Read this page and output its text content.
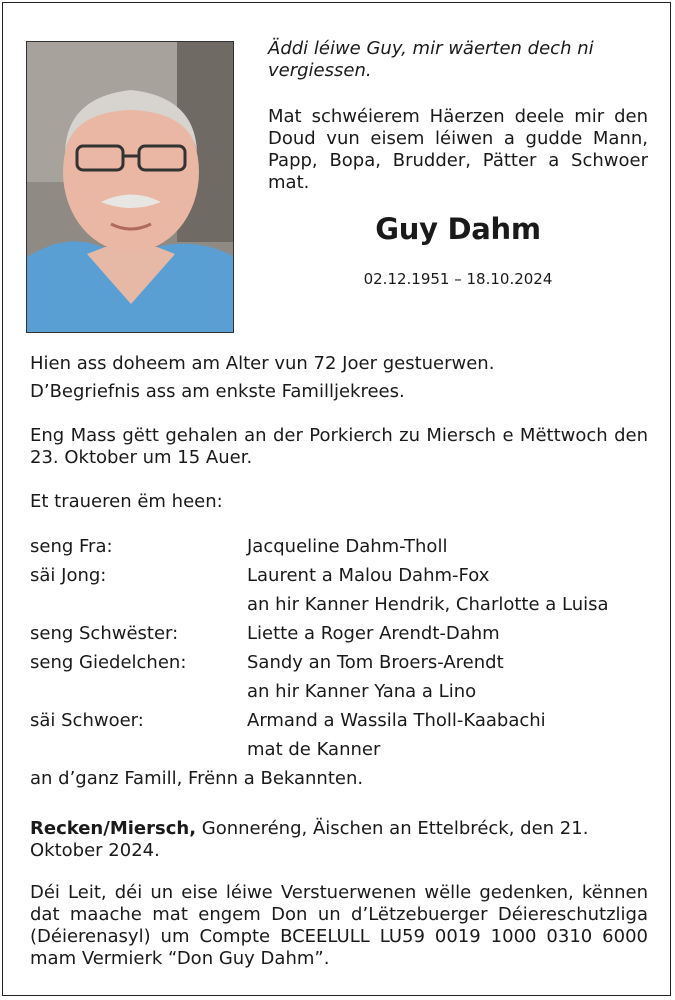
Äddi léiwe Guy, mir wäerten dech ni vergiessen.
Mat schwéierem Häerzen deele mir den Doud vun eisem léiwen a gudde Mann, Papp, Bopa, Brudder, Pätter a Schwoer mat.
Guy Dahm
02.12.1951 – 18.10.2024
Hien ass doheem am Alter vun 72 Joer gestuerwen.
D’Begriefnis ass am enkste Familljekrees.
Eng Mass gëtt gehalen an der Porkierch zu Miersch e Mëttwoch den 23. Oktober um 15 Auer.
Et traueren ëm heen:
seng Fra:	Jacqueline Dahm-Tholl
säi Jong:	Laurent a Malou Dahm-Fox
an hir Kanner Hendrik, Charlotte a Luisa
seng Schwëster:	Liette a Roger Arendt-Dahm
seng Giedelchen:	Sandy an Tom Broers-Arendt
an hir Kanner Yana a Lino
säi Schwoer:	Armand a Wassila Tholl-Kaabachi
mat de Kanner
an d’ganz Famill, Frënn a Bekannten.
Recken/Miersch, Gonneréng, Äischen an Ettelbréck, den 21. Oktober 2024.
Déi Leit, déi un eise léiwe Verstuerwenen wëlle gedenken, kënnen dat maache mat engem Don un d’Lëtzebuerger Déiereschutzliga (Déierenasyl) um Compte BCEELULL LU59 0019 1000 0310 6000 mam Vermierk “Don Guy Dahm”.
